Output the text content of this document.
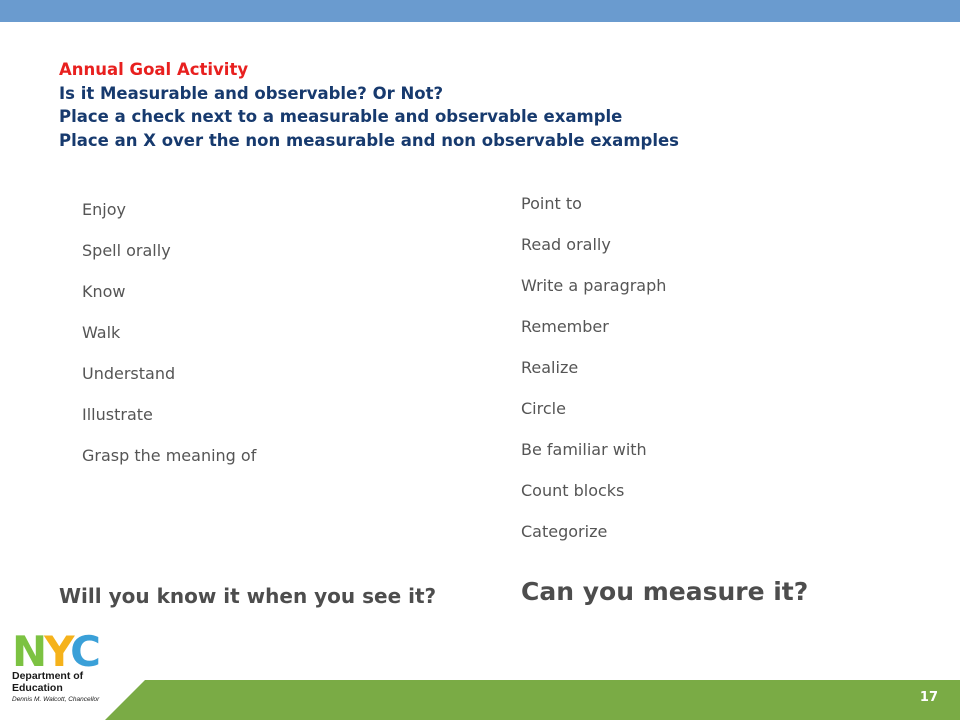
Annual Goal Activity
Is it Measurable and observable? Or Not?
Place a check next to a measurable and observable example
Place an X over the non measurable and non observable examples
Enjoy
Spell orally
Know
Walk
Understand
Illustrate
Grasp the meaning of
Point to
Read orally
Write a paragraph
Remember
Realize
Circle
Be familiar with
Count blocks
Categorize
Will you know it when you see it?	Can you measure it?
17
NYC
Department of Education
Dennis M. Walcott, Chancellor
